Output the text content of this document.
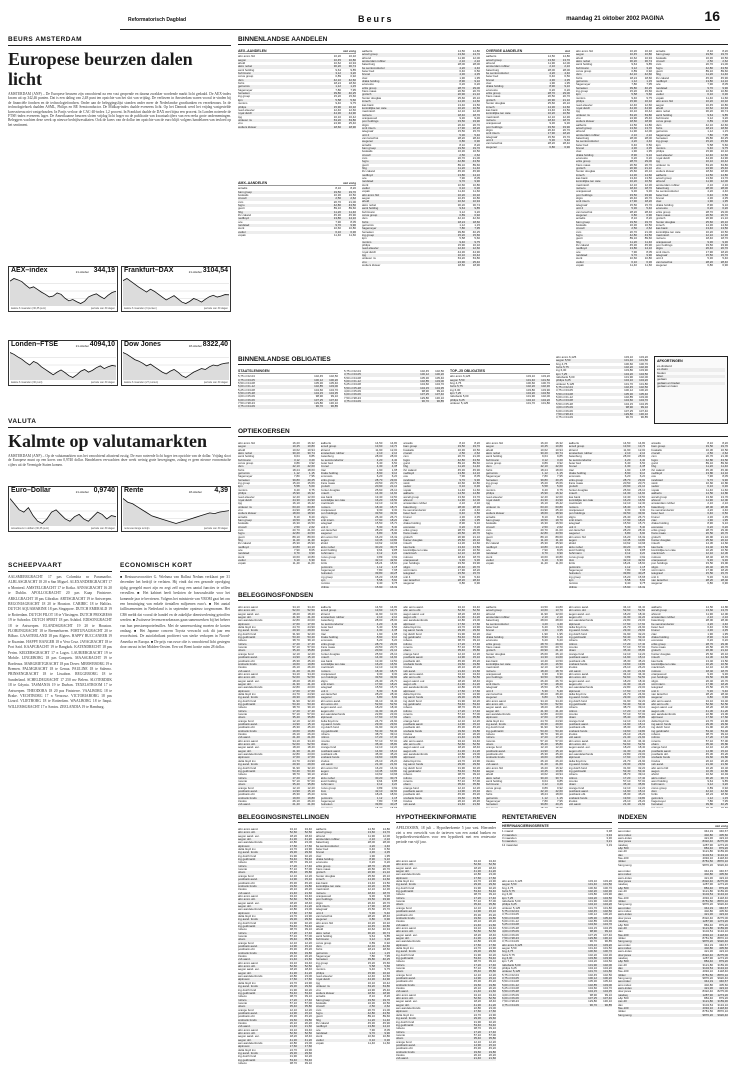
Reformatorisch Dagblad	Beurs	maandag 21 oktober 2002 PAGINA	16
BEURS AMSTERDAM
Europese beurzen dalen licht
AMSTERDAM (ANP) – De Europese beurzen zijn vanochtend na een vast geopende en daarna zwakker wordende markt licht gedaald. De AEX-index kwam uit op 342,46 punten. Dat is een daling van 2,48 punt ten opzichte van het slot van vrijdag. De verliezen in Amsterdam waren vooral te vinden bij de financiële fondsen en de technologiefondsen. Onder aan de beleggingslijst stonden onder meer de Nederlandse grootbanken en verzekeraars. In de technologiehoek daalden ASML, Philips en BE Semiconductor. De Midkap-index daalde eveneens licht. Op het Damrak werd het vrijdag vastgestelde koersniveau niet vastgehouden. In Parijs verloor de CAC-40-index 1,2 procent. In Frankfurt daalde de DAX met bijna een procent. In Londen noteerde de FTSE-index eveneens lager. De Amerikaanse beurzen sloten vrijdag licht hoger na de publicatie van kwartaalcijfers van een reeks grote ondernemingen. Beleggers wachten deze week op nieuwe bedrijfsresultaten. Ook de koers van de dollar ten opzichte van de euro blijft volgens handelaren van invloed op het sentiment.
AEX–index	21 oktober 344,19
laatste 6 maanden (30,35 punt)	periode van 30 dagen
Frankfurt–DAX	21 oktober 3104,54
laatste 6 maanden (3 punten)	periode van 30 dagen
Londen–FTSE	21 oktober 4094,10
laatste 6 maanden (30 punt)	periode van 30 dagen
Dow Jones	18 oktober 8322,40
laatste 6 maanden (27 punten)	periode van 30 dagen
VALUTA
Kalmte op valutamarkten
AMSTERDAM (ANP) – Op de valutamarkten was het vanochtend aftastend rustig. De euro noteerde licht hoger ten opzichte van de dollar. Vrijdag sloot de Europese munt op een koers van 0,9740 dollar. Handelaren verwachten deze week weinig grote bewegingen, zolang er geen nieuwe economische cijfers uit de Verenigde Staten komen.
Euro–Dollar	21 oktober 0,9740
wisselkoers in dollars (30,35 punt)	periode van 30 dagen
Rente	18 oktober 4,39
rentevoet lange termijn	periode van 30 dagen
SCHEEPVAART
AALSMEERGRACHT 17 pas Colombia nr Paramaribo. ALBLASGRACHT 18 20 n San Miguel. ALEXANDERGRACHT 17 n Montreal. AMSTELGRACHT 17 te Kotka. ANNAGRACHT 16 20 te Dublin. APOLLOGRACHT 20 pas Kaap Finisterre. ARKLGRACHT 18 pas Gibraltar. ARTISGRACHT 19 te Antwerpen. BEGONIAGRACHT 18 20 te Houston. CARIBIC 18 te Halifax. DUTCH AQUAMARINE 18 pas Singapore. DUTCH EMERALD 19 te Rotterdam. DUTCH PILOT 18 te Vlissingen. DUTCH PROGRESS 19 te Salvador. DUTCH SPIRIT 18 pas Ashdod. EDISONGRACHT 18 te Antwerpen. ELANDSGRACHT 19 20 te Houston. FLORIJNGRACHT 18 te Bremerhaven. FORTUNAGRACHT 20 te Bilbao. GAASTERLAND 18 pas Algiers. HAPPY BUCCANEER 19 te Kuantan. HAPPY RANGER 18 n Vera Cruz. JAVAGRACHT 18 te Port Said. KAAPGRACHT 19 te Bangkok. KATENDRECHT 18 pas Perim. KEIZERSGRACHT 17 n Lagos. LAURIERGRACHT 19 te Mobile. LINGEBORG 18 pas Casquets. MAASGRACHT 19 te Bordeaux. MARGRIETGRACHT 18 pas Dover. MERWEBORG 19 n Bremen. PALMGRACHT 18 te Genua. PAULINE 18 te Salerno. PRINSENGRACHT 18 te Lissabon. REGGEBORG 18 te Sunderland. SCHELDEGRACHT 17 250 nw Belem. SLOTERDIJK 18 te Gdynia. TASMANIA 19 te Durban. TEXELSTROOM 17 te Antwerpen. THEODORA 18 20 pas Finisterre. VAALBORG 18 te Brake. VECHTBORG 17 n Veracruz. VICTORIABORG 18 pas Lizard. VLIETBORG 18 te Rotterdam. WAALBORG 18 te Itaqui. WILLEMSGRACHT 17 n Santos. ZEELANDIA 19 te Hamburg.
ECONOMISCH KORT
■ Bestuursvoorzitter G. Wielsma van Ballast Nedam verklaart per 31 december het bedrijf te verlaten. Hij vindt dat een gezonde opvolging tijdig geregeld moet zijn en zegt zelf nog een aantal functies te willen vervullen. ■ Het kabinet heeft besloten de bouwsubsidie voor het komende jaar te bevriezen. Volgens het ministerie van VROM gaat het om een bezuiniging van enkele tientallen miljoenen euro's. ■ Het aantal faillissementen in Nederland is in september opnieuw toegenomen. Het CBS meldt dat vooral de handel en de zakelijke dienstverlening getroffen werden. ■ Zwitserse levensverzekeraars gaan samenwerken bij het beheer van hun pensioenportefeuilles. Met de samenwerking moeten de kosten omlaag. ■ Het Japanse concern Toyota verwacht ook dit jaar een recordwinst. De autofabrikant profiteert van sterke verkopen in Noord-Amerika en Europa. ■ De prijs van ruwe olie is vanochtend licht gestegen door onrust in het Midden-Oosten. Een vat Brent kostte ruim 28 dollar.
BINNENLANDSE AANDELEN
AEX–AANDELEN	slot vorig
abn amro hld	16,20	16,32
aegon	10,45	10,80
ahold	10,62	10,94
akzo nobel	30,20	30,74
asml holding	9,64	9,85
buhrmann	3,12	3,20
corus group	0,89	0,92
dsm	42,10	42,60
fortis	18,24	18,60
getronics	1,12	1,15
hagemeyer	7,80	7,95
heineken	39,80	40,25
ing groep	15,20	15,66
kpn	5,58	5,60
numico	9,40	9,75
philips	15,90	16,32
reed elsevier	12,40	12,60
royal dutch	44,30	44,90
tpg	16,10	16,42
unilever nv	63,20	63,80
vnu	24,90	25,40
wolters kluwer	18,60	18,90
AMX–AANDELEN	slot vorig
arcadis	8,10	8,20
bam groep	19,50	19,70
boskalis	16,30	16,50
crucell	2,50	2,62
csm	20,70	21,00
fugro	42,80	43,50
gucci	89,10	89,60
hbg	11,20	11,40
ihc caland	45,30	45,90
nedlloyd	13,80	14,10
oce	7,90	8,05
randstad	9,70	9,90
stork	10,60	10,80
vedior	6,10	6,30
vopak	11,40	11,60
aalberts	14,50	14,80
accell group	13,60	13,70
ahrend	11,90	12,00
amsterdam rubber	2,10	2,10
batenburg	28,00	28,00
be semiconductor	4,20	4,40
beter bed	6,40	6,50
brunel	4,30	4,35
ctac	1,90	1,95
draka holding	8,90	9,10
econosto	6,20	6,20
eriks group	28,70	29,00
frans maas	20,50	20,70
grolsch	20,90	21,10
hunter douglas	25,60	26,10
imtech	14,30	14,60
kas bank	13,40	13,50
koninklijke ten cate	16,20	16,50
macintosh	12,10	12,30
nutreco	18,40	18,70
oranjewoud	9,30	9,30
pon holdings	33,50	33,90
sligro	26,40	26,70
smit intern.	17,90	18,20
telegraaf	15,50	15,70
unit 4	5,30	5,40
van lanschot	28,20	28,40
wegener	6,80	6,90
arcadis	8,10	8,20
bam groep	19,50	19,70
boskalis	16,30	16,50
crucell	2,50	2,62
csm	20,70	21,00
fugro	42,80	43,50
gucci	89,10	89,60
hbg	11,20	11,40
ihc caland	45,30	45,90
nedlloyd	13,80	14,10
oce	7,90	8,05
randstad	9,70	9,90
stork	10,60	10,80
vedior	6,10	6,30
vopak	11,40	11,60
abn amro hld	16,20	16,32
aegon	10,45	10,80
ahold	10,62	10,94
akzo nobel	30,20	30,74
asml holding	9,64	9,85
buhrmann	3,12	3,20
corus group	0,89	0,92
dsm	42,10	42,60
fortis	18,24	18,60
getronics	1,12	1,15
hagemeyer	7,80	7,95
heineken	39,80	40,25
ing groep	15,20	15,66
kpn	5,58	5,60
numico	9,40	9,75
philips	15,90	16,32
reed elsevier	12,40	12,60
royal dutch	44,30	44,90
tpg	16,10	16,42
unilever nv	63,20	63,80
vnu	24,90	25,40
wolters kluwer	18,60	18,90
OVERIGE AANDELEN	slot
aalberts	14,50	14,80
accell group	13,60	13,70
ahrend	11,90	12,00
amsterdam rubber	2,10	2,10
batenburg	28,00	28,00
be semiconductor	4,20	4,40
beter bed	6,40	6,50
brunel	4,30	4,35
ctac	1,90	1,95
draka holding	8,90	9,10
econosto	6,20	6,20
eriks group	28,70	29,00
frans maas	20,50	20,70
grolsch	20,90	21,10
hunter douglas	25,60	26,10
imtech	14,30	14,60
kas bank	13,40	13,50
koninklijke ten cate	16,20	16,50
macintosh	12,10	12,30
nutreco	18,40	18,70
oranjewoud	9,30	9,30
pon holdings	33,50	33,90
sligro	26,40	26,70
smit intern.	17,90	18,20
telegraaf	15,50	15,70
unit 4	5,30	5,40
van lanschot	28,20	28,40
wegener	6,80	6,90
abn amro hld	16,20	16,32
aegon	10,45	10,80
ahold	10,62	10,94
akzo nobel	30,20	30,74
asml holding	9,64	9,85
buhrmann	3,12	3,20
corus group	0,89	0,92
dsm	42,10	42,60
fortis	18,24	18,60
getronics	1,12	1,15
hagemeyer	7,80	7,95
heineken	39,80	40,25
ing groep	15,20	15,66
kpn	5,58	5,60
numico	9,40	9,75
philips	15,90	16,32
reed elsevier	12,40	12,60
royal dutch	44,30	44,90
tpg	16,10	16,42
unilever nv	63,20	63,80
vnu	24,90	25,40
wolters kluwer	18,60	18,90
aalberts	14,50	14,80
accell group	13,60	13,70
ahrend	11,90	12,00
amsterdam rubber	2,10	2,10
batenburg	28,00	28,00
be semiconductor	4,20	4,40
beter bed	6,40	6,50
brunel	4,30	4,35
ctac	1,90	1,95
draka holding	8,90	9,10
econosto	6,20	6,20
eriks group	28,70	29,00
frans maas	20,50	20,70
grolsch	20,90	21,10
hunter douglas	25,60	26,10
imtech	14,30	14,60
kas bank	13,40	13,50
koninklijke ten cate	16,20	16,50
macintosh	12,10	12,30
nutreco	18,40	18,70
oranjewoud	9,30	9,30
pon holdings	33,50	33,90
sligro	26,40	26,70
smit intern.	17,90	18,20
telegraaf	15,50	15,70
unit 4	5,30	5,40
van lanschot	28,20	28,40
wegener	6,80	6,90
arcadis	8,10	8,20
bam groep	19,50	19,70
boskalis	16,30	16,50
crucell	2,50	2,62
csm	20,70	21,00
fugro	42,80	43,50
gucci	89,10	89,60
hbg	11,20	11,40
ihc caland	45,30	45,90
nedlloyd	13,80	14,10
oce	7,90	8,05
randstad	9,70	9,90
stork	10,60	10,80
vedior	6,10	6,30
vopak	11,40	11,60
arcadis	8,10	8,20
bam groep	19,50	19,70
boskalis	16,30	16,50
crucell	2,50	2,62
csm	20,70	21,00
fugro	42,80	43,50
gucci	89,10	89,60
hbg	11,20	11,40
ihc caland	45,30	45,90
nedlloyd	13,80	14,10
oce	7,90	8,05
randstad	9,70	9,90
stork	10,60	10,80
vedior	6,10	6,30
vopak	11,40	11,60
abn amro hld	16,20	16,32
aegon	10,45	10,80
ahold	10,62	10,94
akzo nobel	30,20	30,74
asml holding	9,64	9,85
buhrmann	3,12	3,20
corus group	0,89	0,92
dsm	42,10	42,60
fortis	18,24	18,60
getronics	1,12	1,15
hagemeyer	7,80	7,95
heineken	39,80	40,25
ing groep	15,20	15,66
kpn	5,58	5,60
numico	9,40	9,75
philips	15,90	16,32
reed elsevier	12,40	12,60
royal dutch	44,30	44,90
tpg	16,10	16,42
unilever nv	63,20	63,80
vnu	24,90	25,40
wolters kluwer	18,60	18,90
aalberts	14,50	14,80
accell group	13,60	13,70
ahrend	11,90	12,00
amsterdam rubber	2,10	2,10
batenburg	28,00	28,00
be semiconductor	4,20	4,40
beter bed	6,40	6,50
brunel	4,30	4,35
ctac	1,90	1,95
draka holding	8,90	9,10
econosto	6,20	6,20
eriks group	28,70	29,00
frans maas	20,50	20,70
grolsch	20,90	21,10
hunter douglas	25,60	26,10
imtech	14,30	14,60
kas bank	13,40	13,50
koninklijke ten cate	16,20	16,50
macintosh	12,10	12,30
nutreco	18,40	18,70
oranjewoud	9,30	9,30
pon holdings	33,50	33,90
sligro	26,40	26,70
smit intern.	17,90	18,20
telegraaf	15,50	15,70
unit 4	5,30	5,40
van lanschot	28,20	28,40
wegener	6,80	6,90
BINNENLANDSE OBLIGATIES
STAATSLENINGEN
5,75 nl 02-04	102,45	102,50
3,75 nl 03-05	100,12	100,20
5,50 nl 04-08	105,30	105,40
5,00 nl 01-12	102,85	103,00
5,25 nl 03-08	104,60	104,70
5,50 nl 05-28	104,15	104,35
4,00 nl 05-09	98,90	99,10
6,00 nl 06-06	107,25	107,40
7,50 nl 98-23	129,80	130,10
3,75 nl 04-09	96,70	96,85
5,75 nl 02-04	102,45	102,50
3,75 nl 03-05	100,12	100,20
5,50 nl 04-08	105,30	105,40
5,00 nl 01-12	102,85	103,00
5,25 nl 03-08	104,60	104,70
5,50 nl 05-28	104,15	104,35
4,00 nl 05-09	98,90	99,10
6,00 nl 06-06	107,25	107,40
7,50 nl 98-23	129,80	130,10
3,75 nl 04-09	96,70	96,85
TOP–25 OBLIGATIES
abn amro 6,125	103,10	103,20
aegon 5,50	101,40	101,50
bng 4,75	100,60	100,70
fortis 5,75	102,20	102,30
ing 6,00	103,80	103,90
kpn 7,25	104,20	104,50
rabobank 5,00	101,90	102,00
philips 6,25	104,10	104,20
unilever 5,125	101,70	101,80
abn amro 6,125	103,10	103,20
aegon 5,50	101,40	101,50
bng 4,75	100,60	100,70
fortis 5,75	102,20	102,30
ing 6,00	103,80	103,90
kpn 7,25	104,20	104,50
rabobank 5,00	101,90	102,00
philips 6,25	104,10	104,20
unilever 5,125	101,70	101,80
5,75 nl 02-04	102,45	102,50
3,75 nl 03-05	100,12	100,20
5,50 nl 04-08	105,30	105,40
5,00 nl 01-12	102,85	103,00
5,25 nl 03-08	104,60	104,70
5,50 nl 05-28	104,15	104,35
4,00 nl 05-09	98,90	99,10
6,00 nl 06-06	107,25	107,40
7,50 nl 98-23	129,80	130,10
3,75 nl 04-09	96,70	96,85
AFKORTINGEN
ex-dividend
ex-claim
bieden
laten
gedaan
gedaan en bieden
gedaan en laten
OPTIEKOERSEN
abn amro hld	16,20	16,32
aegon	10,45	10,80
ahold	10,62	10,94
akzo nobel	30,20	30,74
asml holding	9,64	9,85
buhrmann	3,12	3,20
corus group	0,89	0,92
dsm	42,10	42,60
fortis	18,24	18,60
getronics	1,12	1,15
hagemeyer	7,80	7,95
heineken	39,80	40,25
ing groep	15,20	15,66
kpn	5,58	5,60
numico	9,40	9,75
philips	15,90	16,32
reed elsevier	12,40	12,60
royal dutch	44,30	44,90
tpg	16,10	16,42
unilever nv	63,20	63,80
vnu	24,90	25,40
wolters kluwer	18,60	18,90
arcadis	8,10	8,20
bam groep	19,50	19,70
boskalis	16,30	16,50
crucell	2,50	2,62
csm	20,70	21,00
fugro	42,80	43,50
gucci	89,10	89,60
hbg	11,20	11,40
ihc caland	45,30	45,90
nedlloyd	13,80	14,10
oce	7,90	8,05
randstad	9,70	9,90
stork	10,60	10,80
vedior	6,10	6,30
vopak	11,40	11,60
aalberts	14,50	14,80
accell group	13,60	13,70
ahrend	11,90	12,00
amsterdam rubber	2,10	2,10
batenburg	28,00	28,00
be semiconductor	4,20	4,40
beter bed	6,40	6,50
brunel	4,30	4,35
ctac	1,90	1,95
draka holding	8,90	9,10
econosto	6,20	6,20
eriks group	28,70	29,00
frans maas	20,50	20,70
grolsch	20,90	21,10
hunter douglas	25,60	26,10
imtech	14,30	14,60
kas bank	13,40	13,50
koninklijke ten cate	16,20	16,50
macintosh	12,10	12,30
nutreco	18,40	18,70
oranjewoud	9,30	9,30
pon holdings	33,50	33,90
sligro	26,40	26,70
smit intern.	17,90	18,20
telegraaf	15,50	15,70
unit 4	5,30	5,40
van lanschot	28,20	28,40
wegener	6,80	6,90
abn amro hld	16,20	16,32
aegon	10,45	10,80
ahold	10,62	10,94
akzo nobel	30,20	30,74
asml holding	9,64	9,85
buhrmann	3,12	3,20
corus group	0,89	0,92
dsm	42,10	42,60
fortis	18,24	18,60
getronics	1,12	1,15
hagemeyer	7,80	7,95
heineken	39,80	40,25
ing groep	15,20	15,66
kpn	5,58	5,60
numico	9,40	9,75
philips	15,90	16,32
arcadis	8,10	8,20
bam groep	19,50	19,70
boskalis	16,30	16,50
crucell	2,50	2,62
csm	20,70	21,00
fugro	42,80	43,50
gucci	89,10	89,60
hbg	11,20	11,40
ihc caland	45,30	45,90
nedlloyd	13,80	14,10
oce	7,90	8,05
randstad	9,70	9,90
stork	10,60	10,80
vedior	6,10	6,30
vopak	11,40	11,60
aalberts	14,50	14,80
accell group	13,60	13,70
ahrend	11,90	12,00
amsterdam rubber	2,10	2,10
batenburg	28,00	28,00
be semiconductor	4,20	4,40
beter bed	6,40	6,50
brunel	4,30	4,35
ctac	1,90	1,95
draka holding	8,90	9,10
econosto	6,20	6,20
eriks group	28,70	29,00
frans maas	20,50	20,70
grolsch	20,90	21,10
hunter douglas	25,60	26,10
imtech	14,30	14,60
kas bank	13,40	13,50
koninklijke ten cate	16,20	16,50
macintosh	12,10	12,30
nutreco	18,40	18,70
oranjewoud	9,30	9,30
pon holdings	33,50	33,90
sligro	26,40	26,70
smit intern.	17,90	18,20
telegraaf	15,50	15,70
unit 4	5,30	5,40
van lanschot	28,20	28,40
wegener	6,80	6,90
abn amro hld	16,20	16,32
aegon	10,45	10,80
ahold	10,62	10,94
akzo nobel	30,20	30,74
asml holding	9,64	9,85
buhrmann	3,12	3,20
corus group	0,89	0,92
dsm	42,10	42,60
fortis	18,24	18,60
getronics	1,12	1,15
hagemeyer	7,80	7,95
heineken	39,80	40,25
ing groep	15,20	15,66
kpn	5,58	5,60
numico	9,40	9,75
philips	15,90	16,32
reed elsevier	12,40	12,60
royal dutch	44,30	44,90
tpg	16,10	16,42
unilever nv	63,20	63,80
vnu	24,90	25,40
wolters kluwer	18,60	18,90
arcadis	8,10	8,20
bam groep	19,50	19,70
boskalis	16,30	16,50
crucell	2,50	2,62
csm	20,70	21,00
fugro	42,80	43,50
gucci	89,10	89,60
hbg	11,20	11,40
ihc caland	45,30	45,90
nedlloyd	13,80	14,10
oce	7,90	8,05
randstad	9,70	9,90
stork	10,60	10,80
vedior	6,10	6,30
vopak	11,40	11,60
aalberts	14,50	14,80
accell group	13,60	13,70
ahrend	11,90	12,00
amsterdam rubber	2,10	2,10
batenburg	28,00	28,00
be semiconductor	4,20	4,40
beter bed	6,40	6,50
brunel	4,30	4,35
ctac	1,90	1,95
draka holding	8,90	9,10
econosto	6,20	6,20
eriks group	28,70	29,00
frans maas	20,50	20,70
grolsch	20,90	21,10
hunter douglas	25,60	26,10
imtech	14,30	14,60
kas bank	13,40	13,50
koninklijke ten cate	16,20	16,50
macintosh	12,10	12,30
nutreco	18,40	18,70
oranjewoud	9,30	9,30
pon holdings	33,50	33,90
sligro	26,40	26,70
smit intern.	17,90	18,20
telegraaf	15,50	15,70
unit 4	5,30	5,40
van lanschot	28,20	28,40
wegener	6,80	6,90
abn amro hld	16,20	16,32
aegon	10,45	10,80
ahold	10,62	10,94
akzo nobel	30,20	30,74
asml holding	9,64	9,85
buhrmann	3,12	3,20
corus group	0,89	0,92
dsm	42,10	42,60
fortis	18,24	18,60
getronics	1,12	1,15
hagemeyer	7,80	7,95
heineken	39,80	40,25
ing groep	15,20	15,66
kpn	5,58	5,60
numico	9,40	9,75
philips	15,90	16,32
arcadis	8,10	8,20
bam groep	19,50	19,70
boskalis	16,30	16,50
crucell	2,50	2,62
csm	20,70	21,00
fugro	42,80	43,50
gucci	89,10	89,60
hbg	11,20	11,40
ihc caland	45,30	45,90
nedlloyd	13,80	14,10
oce	7,90	8,05
randstad	9,70	9,90
stork	10,60	10,80
vedior	6,10	6,30
vopak	11,40	11,60
aalberts	14,50	14,80
accell group	13,60	13,70
ahrend	11,90	12,00
amsterdam rubber	2,10	2,10
batenburg	28,00	28,00
be semiconductor	4,20	4,40
beter bed	6,40	6,50
brunel	4,30	4,35
ctac	1,90	1,95
draka holding	8,90	9,10
econosto	6,20	6,20
eriks group	28,70	29,00
frans maas	20,50	20,70
grolsch	20,90	21,10
hunter douglas	25,60	26,10
imtech	14,30	14,60
kas bank	13,40	13,50
koninklijke ten cate	16,20	16,50
macintosh	12,10	12,30
nutreco	18,40	18,70
oranjewoud	9,30	9,30
pon holdings	33,50	33,90
sligro	26,40	26,70
smit intern.	17,90	18,20
telegraaf	15,50	15,70
unit 4	5,30	5,40
van lanschot	28,20	28,40
wegener	6,80	6,90
BELEGGINGSFONDSEN
abn amro aand.	34,10	34,40
abn amro obl.	52,60	52,50
aegon aand. eur.	18,20	18,40
aegon obl.	41,30	41,20
asn aandelenfonds	22,80	23,00
alpinvest	17,60	17,60
delta lloyd inv.	24,70	24,90
ing aand. fonds	29,30	29,60
ing dutch fund	31,90	32,20
ing geldmarkt	53,40	53,40
robeco	38,70	39,10
rolinco	17,20	17,40
rorento	57,10	57,00
obam	35,40	35,80
orange fund	12,10	12,20
postbank aand.	14,90	15,10
postbank obl.	45,30	45,20
snsbank fonds	19,60	19,80
triodos	26,10	26,20
vsb aand.	21,40	21,60
abn amro aand.	34,10	34,40
abn amro obl.	52,60	52,50
aegon aand. eur.	18,20	18,40
aegon obl.	41,30	41,20
asn aandelenfonds	22,80	23,00
alpinvest	17,60	17,60
delta lloyd inv.	24,70	24,90
ing aand. fonds	29,30	29,60
ing dutch fund	31,90	32,20
ing geldmarkt	53,40	53,40
robeco	38,70	39,10
rolinco	17,20	17,40
rorento	57,10	57,00
obam	35,40	35,80
orange fund	12,10	12,20
postbank aand.	14,90	15,10
postbank obl.	45,30	45,20
snsbank fonds	19,60	19,80
triodos	26,10	26,20
vsb aand.	21,40	21,60
abn amro aand.	34,10	34,40
abn amro obl.	52,60	52,50
aegon aand. eur.	18,20	18,40
aegon obl.	41,30	41,20
asn aandelenfonds	22,80	23,00
alpinvest	17,60	17,60
delta lloyd inv.	24,70	24,90
ing aand. fonds	29,30	29,60
ing dutch fund	31,90	32,20
ing geldmarkt	53,40	53,40
robeco	38,70	39,10
rolinco	17,20	17,40
rorento	57,10	57,00
obam	35,40	35,80
orange fund	12,10	12,20
postbank aand.	14,90	15,10
postbank obl.	45,30	45,20
snsbank fonds	19,60	19,80
triodos	26,10	26,20
vsb aand.	21,40	21,60
aalberts	14,50	14,80
accell group	13,60	13,70
ahrend	11,90	12,00
amsterdam rubber	2,10	2,10
batenburg	28,00	28,00
be semiconductor	4,20	4,40
beter bed	6,40	6,50
brunel	4,30	4,35
ctac	1,90	1,95
draka holding	8,90	9,10
econosto	6,20	6,20
eriks group	28,70	29,00
frans maas	20,50	20,70
grolsch	20,90	21,10
hunter douglas	25,60	26,10
imtech	14,30	14,60
kas bank	13,40	13,50
koninklijke ten cate	16,20	16,50
macintosh	12,10	12,30
nutreco	18,40	18,70
oranjewoud	9,30	9,30
pon holdings	33,50	33,90
sligro	26,40	26,70
smit intern.	17,90	18,20
telegraaf	15,50	15,70
unit 4	5,30	5,40
van lanschot	28,20	28,40
wegener	6,80	6,90
abn amro aand.	34,10	34,40
abn amro obl.	52,60	52,50
aegon aand. eur.	18,20	18,40
aegon obl.	41,30	41,20
asn aandelenfonds	22,80	23,00
alpinvest	17,60	17,60
delta lloyd inv.	24,70	24,90
ing aand. fonds	29,30	29,60
ing dutch fund	31,90	32,20
ing geldmarkt	53,40	53,40
robeco	38,70	39,10
rolinco	17,20	17,40
rorento	57,10	57,00
obam	35,40	35,80
orange fund	12,10	12,20
postbank aand.	14,90	15,10
postbank obl.	45,30	45,20
snsbank fonds	19,60	19,80
triodos	26,10	26,20
vsb aand.	21,40	21,60
abn amro hld	16,20	16,32
aegon	10,45	10,80
ahold	10,62	10,94
akzo nobel	30,20	30,74
asml holding	9,64	9,85
buhrmann	3,12	3,20
corus group	0,89	0,92
dsm	42,10	42,60
fortis	18,24	18,60
getronics	1,12	1,15
hagemeyer	7,80	7,95
heineken	39,80	40,25
abn amro aand.	34,10	34,40
abn amro obl.	52,60	52,50
aegon aand. eur.	18,20	18,40
aegon obl.	41,30	41,20
asn aandelenfonds	22,80	23,00
alpinvest	17,60	17,60
delta lloyd inv.	24,70	24,90
ing aand. fonds	29,30	29,60
ing dutch fund	31,90	32,20
ing geldmarkt	53,40	53,40
robeco	38,70	39,10
rolinco	17,20	17,40
rorento	57,10	57,00
obam	35,40	35,80
orange fund	12,10	12,20
postbank aand.	14,90	15,10
postbank obl.	45,30	45,20
snsbank fonds	19,60	19,80
triodos	26,10	26,20
vsb aand.	21,40	21,60
abn amro aand.	34,10	34,40
abn amro obl.	52,60	52,50
aegon aand. eur.	18,20	18,40
aegon obl.	41,30	41,20
asn aandelenfonds	22,80	23,00
alpinvest	17,60	17,60
delta lloyd inv.	24,70	24,90
ing aand. fonds	29,30	29,60
ing dutch fund	31,90	32,20
ing geldmarkt	53,40	53,40
robeco	38,70	39,10
rolinco	17,20	17,40
rorento	57,10	57,00
obam	35,40	35,80
orange fund	12,10	12,20
postbank aand.	14,90	15,10
postbank obl.	45,30	45,20
snsbank fonds	19,60	19,80
triodos	26,10	26,20
vsb aand.	21,40	21,60
abn amro aand.	34,10	34,40
abn amro obl.	52,60	52,50
aegon aand. eur.	18,20	18,40
aegon obl.	41,30	41,20
asn aandelenfonds	22,80	23,00
alpinvest	17,60	17,60
delta lloyd inv.	24,70	24,90
ing aand. fonds	29,30	29,60
ing dutch fund	31,90	32,20
ing geldmarkt	53,40	53,40
robeco	38,70	39,10
rolinco	17,20	17,40
rorento	57,10	57,00
obam	35,40	35,80
orange fund	12,10	12,20
postbank aand.	14,90	15,10
postbank obl.	45,30	45,20
snsbank fonds	19,60	19,80
triodos	26,10	26,20
vsb aand.	21,40	21,60
aalberts	14,50	14,80
accell group	13,60	13,70
ahrend	11,90	12,00
amsterdam rubber	2,10	2,10
batenburg	28,00	28,00
be semiconductor	4,20	4,40
beter bed	6,40	6,50
brunel	4,30	4,35
ctac	1,90	1,95
draka holding	8,90	9,10
econosto	6,20	6,20
eriks group	28,70	29,00
frans maas	20,50	20,70
grolsch	20,90	21,10
hunter douglas	25,60	26,10
imtech	14,30	14,60
kas bank	13,40	13,50
koninklijke ten cate	16,20	16,50
macintosh	12,10	12,30
nutreco	18,40	18,70
oranjewoud	9,30	9,30
pon holdings	33,50	33,90
sligro	26,40	26,70
smit intern.	17,90	18,20
telegraaf	15,50	15,70
unit 4	5,30	5,40
van lanschot	28,20	28,40
wegener	6,80	6,90
abn amro aand.	34,10	34,40
abn amro obl.	52,60	52,50
aegon aand. eur.	18,20	18,40
aegon obl.	41,30	41,20
asn aandelenfonds	22,80	23,00
alpinvest	17,60	17,60
delta lloyd inv.	24,70	24,90
ing aand. fonds	29,30	29,60
ing dutch fund	31,90	32,20
ing geldmarkt	53,40	53,40
robeco	38,70	39,10
rolinco	17,20	17,40
rorento	57,10	57,00
obam	35,40	35,80
orange fund	12,10	12,20
postbank aand.	14,90	15,10
postbank obl.	45,30	45,20
snsbank fonds	19,60	19,80
triodos	26,10	26,20
vsb aand.	21,40	21,60
abn amro hld	16,20	16,32
aegon	10,45	10,80
ahold	10,62	10,94
akzo nobel	30,20	30,74
asml holding	9,64	9,85
buhrmann	3,12	3,20
corus group	0,89	0,92
dsm	42,10	42,60
fortis	18,24	18,60
getronics	1,12	1,15
hagemeyer	7,80	7,95
heineken	39,80	40,25
abn amro aand.	34,10	34,40
abn amro obl.	52,60	52,50
aegon aand. eur.	18,20	18,40
aegon obl.	41,30	41,20
asn aandelenfonds	22,80	23,00
alpinvest	17,60	17,60
delta lloyd inv.	24,70	24,90
ing aand. fonds	29,30	29,60
ing dutch fund	31,90	32,20
ing geldmarkt	53,40	53,40
robeco	38,70	39,10
rolinco	17,20	17,40
rorento	57,10	57,00
obam	35,40	35,80
orange fund	12,10	12,20
postbank aand.	14,90	15,10
postbank obl.	45,30	45,20
snsbank fonds	19,60	19,80
triodos	26,10	26,20
vsb aand.	21,40	21,60
abn amro aand.	34,10	34,40
abn amro obl.	52,60	52,50
aegon aand. eur.	18,20	18,40
aegon obl.	41,30	41,20
asn aandelenfonds	22,80	23,00
alpinvest	17,60	17,60
delta lloyd inv.	24,70	24,90
ing aand. fonds	29,30	29,60
ing dutch fund	31,90	32,20
ing geldmarkt	53,40	53,40
robeco	38,70	39,10
rolinco	17,20	17,40
rorento	57,10	57,00
obam	35,40	35,80
orange fund	12,10	12,20
postbank aand.	14,90	15,10
postbank obl.	45,30	45,20
snsbank fonds	19,60	19,80
triodos	26,10	26,20
vsb aand.	21,40	21,60
abn amro aand.	34,10	34,40
abn amro obl.	52,60	52,50
aegon aand. eur.	18,20	18,40
aegon obl.	41,30	41,20
asn aandelenfonds	22,80	23,00
alpinvest	17,60	17,60
delta lloyd inv.	24,70	24,90
ing aand. fonds	29,30	29,60
ing dutch fund	31,90	32,20
ing geldmarkt	53,40	53,40
robeco	38,70	39,10
rolinco	17,20	17,40
rorento	57,10	57,00
obam	35,40	35,80
orange fund	12,10	12,20
postbank aand.	14,90	15,10
postbank obl.	45,30	45,20
snsbank fonds	19,60	19,80
triodos	26,10	26,20
vsb aand.	21,40	21,60
aalberts	14,50	14,80
accell group	13,60	13,70
ahrend	11,90	12,00
amsterdam rubber	2,10	2,10
batenburg	28,00	28,00
be semiconductor	4,20	4,40
beter bed	6,40	6,50
brunel	4,30	4,35
ctac	1,90	1,95
draka holding	8,90	9,10
econosto	6,20	6,20
eriks group	28,70	29,00
frans maas	20,50	20,70
grolsch	20,90	21,10
hunter douglas	25,60	26,10
imtech	14,30	14,60
kas bank	13,40	13,50
koninklijke ten cate	16,20	16,50
macintosh	12,10	12,30
nutreco	18,40	18,70
oranjewoud	9,30	9,30
pon holdings	33,50	33,90
sligro	26,40	26,70
smit intern.	17,90	18,20
telegraaf	15,50	15,70
unit 4	5,30	5,40
van lanschot	28,20	28,40
wegener	6,80	6,90
abn amro aand.	34,10	34,40
abn amro obl.	52,60	52,50
aegon aand. eur.	18,20	18,40
aegon obl.	41,30	41,20
asn aandelenfonds	22,80	23,00
alpinvest	17,60	17,60
delta lloyd inv.	24,70	24,90
ing aand. fonds	29,30	29,60
ing dutch fund	31,90	32,20
ing geldmarkt	53,40	53,40
robeco	38,70	39,10
rolinco	17,20	17,40
rorento	57,10	57,00
obam	35,40	35,80
orange fund	12,10	12,20
postbank aand.	14,90	15,10
postbank obl.	45,30	45,20
snsbank fonds	19,60	19,80
triodos	26,10	26,20
vsb aand.	21,40	21,60
abn amro hld	16,20	16,32
aegon	10,45	10,80
ahold	10,62	10,94
akzo nobel	30,20	30,74
asml holding	9,64	9,85
buhrmann	3,12	3,20
corus group	0,89	0,92
dsm	42,10	42,60
fortis	18,24	18,60
getronics	1,12	1,15
hagemeyer	7,80	7,95
heineken	39,80	40,25
BELEGGINGSINSTELLINGEN
abn amro aand.	34,10	34,40
abn amro obl.	52,60	52,50
aegon aand. eur.	18,20	18,40
aegon obl.	41,30	41,20
asn aandelenfonds	22,80	23,00
alpinvest	17,60	17,60
delta lloyd inv.	24,70	24,90
ing aand. fonds	29,30	29,60
ing dutch fund	31,90	32,20
ing geldmarkt	53,40	53,40
robeco	38,70	39,10
rolinco	17,20	17,40
rorento	57,10	57,00
obam	35,40	35,80
orange fund	12,10	12,20
postbank aand.	14,90	15,10
postbank obl.	45,30	45,20
snsbank fonds	19,60	19,80
triodos	26,10	26,20
vsb aand.	21,40	21,60
abn amro aand.	34,10	34,40
abn amro obl.	52,60	52,50
aegon aand. eur.	18,20	18,40
aegon obl.	41,30	41,20
asn aandelenfonds	22,80	23,00
alpinvest	17,60	17,60
delta lloyd inv.	24,70	24,90
ing aand. fonds	29,30	29,60
ing dutch fund	31,90	32,20
ing geldmarkt	53,40	53,40
robeco	38,70	39,10
rolinco	17,20	17,40
rorento	57,10	57,00
obam	35,40	35,80
orange fund	12,10	12,20
postbank aand.	14,90	15,10
postbank obl.	45,30	45,20
snsbank fonds	19,60	19,80
triodos	26,10	26,20
vsb aand.	21,40	21,60
abn amro aand.	34,10	34,40
abn amro obl.	52,60	52,50
aegon aand. eur.	18,20	18,40
aegon obl.	41,30	41,20
asn aandelenfonds	22,80	23,00
alpinvest	17,60	17,60
delta lloyd inv.	24,70	24,90
ing aand. fonds	29,30	29,60
ing dutch fund	31,90	32,20
ing geldmarkt	53,40	53,40
robeco	38,70	39,10
rolinco	17,20	17,40
rorento	57,10	57,00
obam	35,40	35,80
orange fund	12,10	12,20
postbank aand.	14,90	15,10
postbank obl.	45,30	45,20
snsbank fonds	19,60	19,80
triodos	26,10	26,20
vsb aand.	21,40	21,60
abn amro aand.	34,10	34,40
abn amro obl.	52,60	52,50
aegon aand. eur.	18,20	18,40
aegon obl.	41,30	41,20
asn aandelenfonds	22,80	23,00
alpinvest	17,60	17,60
delta lloyd inv.	24,70	24,90
ing aand. fonds	29,30	29,60
ing dutch fund	31,90	32,20
ing geldmarkt	53,40	53,40
aalberts	14,50	14,80
accell group	13,60	13,70
ahrend	11,90	12,00
amsterdam rubber	2,10	2,10
batenburg	28,00	28,00
be semiconductor	4,20	4,40
beter bed	6,40	6,50
brunel	4,30	4,35
ctac	1,90	1,95
draka holding	8,90	9,10
econosto	6,20	6,20
eriks group	28,70	29,00
frans maas	20,50	20,70
grolsch	20,90	21,10
hunter douglas	25,60	26,10
imtech	14,30	14,60
kas bank	13,40	13,50
koninklijke ten cate	16,20	16,50
macintosh	12,10	12,30
nutreco	18,40	18,70
oranjewoud	9,30	9,30
pon holdings	33,50	33,90
sligro	26,40	26,70
smit intern.	17,90	18,20
telegraaf	15,50	15,70
unit 4	5,30	5,40
van lanschot	28,20	28,40
wegener	6,80	6,90
abn amro hld	16,20	16,32
aegon	10,45	10,80
ahold	10,62	10,94
akzo nobel	30,20	30,74
asml holding	9,64	9,85
buhrmann	3,12	3,20
corus group	0,89	0,92
dsm	42,10	42,60
fortis	18,24	18,60
getronics	1,12	1,15
hagemeyer	7,80	7,95
heineken	39,80	40,25
ing groep	15,20	15,66
kpn	5,58	5,60
numico	9,40	9,75
philips	15,90	16,32
reed elsevier	12,40	12,60
royal dutch	44,30	44,90
tpg	16,10	16,42
unilever nv	63,20	63,80
vnu	24,90	25,40
wolters kluwer	18,60	18,90
arcadis	8,10	8,20
bam groep	19,50	19,70
boskalis	16,30	16,50
crucell	2,50	2,62
csm	20,70	21,00
fugro	42,80	43,50
gucci	89,10	89,60
hbg	11,20	11,40
ihc caland	45,30	45,90
nedlloyd	13,80	14,10
oce	7,90	8,05
randstad	9,70	9,90
stork	10,60	10,80
vedior	6,10	6,30
vopak	11,40	11,60
HYPOTHEEKINFORMATIE
APELDOORN, 18 juli – Hypotheekrente 5 jaar vast. Hieronder ziet u een overzicht van de tarieven van een aantal banken en hypotheekverstrekkers voor een hypotheek met een rentevaste periode van vijf jaar.
abn amro aand.	34,10	34,40
abn amro obl.	52,60	52,50
aegon aand. eur.	18,20	18,40
aegon obl.	41,30	41,20
asn aandelenfonds	22,80	23,00
alpinvest	17,60	17,60
delta lloyd inv.	24,70	24,90
ing aand. fonds	29,30	29,60
ing dutch fund	31,90	32,20
ing geldmarkt	53,40	53,40
robeco	38,70	39,10
rolinco	17,20	17,40
rorento	57,10	57,00
obam	35,40	35,80
orange fund	12,10	12,20
postbank aand.	14,90	15,10
postbank obl.	45,30	45,20
snsbank fonds	19,60	19,80
triodos	26,10	26,20
vsb aand.	21,40	21,60
abn amro aand.	34,10	34,40
abn amro obl.	52,60	52,50
aegon aand. eur.	18,20	18,40
aegon obl.	41,30	41,20
asn aandelenfonds	22,80	23,00
alpinvest	17,60	17,60
delta lloyd inv.	24,70	24,90
ing aand. fonds	29,30	29,60
ing dutch fund	31,90	32,20
ing geldmarkt	53,40	53,40
robeco	38,70	39,10
rolinco	17,20	17,40
rorento	57,10	57,00
obam	35,40	35,80
orange fund	12,10	12,20
postbank aand.	14,90	15,10
postbank obl.	45,30	45,20
snsbank fonds	19,60	19,80
triodos	26,10	26,20
vsb aand.	21,40	21,60
abn amro aand.	34,10	34,40
abn amro obl.	52,60	52,50
aegon aand. eur.	18,20	18,40
aegon obl.	41,30	41,20
asn aandelenfonds	22,80	23,00
alpinvest	17,60	17,60
delta lloyd inv.	24,70	24,90
ing aand. fonds	29,30	29,60
ing dutch fund	31,90	32,20
ing geldmarkt	53,40	53,40
robeco	38,70	39,10
rolinco	17,20	17,40
rorento	57,10	57,00
obam	35,40	35,80
orange fund	12,10	12,20
postbank aand.	14,90	15,10
postbank obl.	45,30	45,20
snsbank fonds	19,60	19,80
triodos	26,10	26,20
vsb aand.	21,40	21,60
RENTETARIEVEN
HERFINANCIERINGSRENTE
1 maand	3,38
2 maanden	3,34
3 maanden	3,30
6 maanden	3,21
12 maanden	3,19
abn amro 6,125	103,10	103,20
aegon 5,50	101,40	101,50
bng 4,75	100,60	100,70
fortis 5,75	102,20	102,30
ing 6,00	103,80	103,90
kpn 7,25	104,20	104,50
rabobank 5,00	101,90	102,00
philips 6,25	104,10	104,20
unilever 5,125	101,70	101,80
5,75 nl 02-04	102,45	102,50
3,75 nl 03-05	100,12	100,20
5,50 nl 04-08	105,30	105,40
5,00 nl 01-12	102,85	103,00
5,25 nl 03-08	104,60	104,70
5,50 nl 05-28	104,15	104,35
4,00 nl 05-09	98,90	99,10
6,00 nl 06-06	107,25	107,40
7,50 nl 98-23	129,80	130,10
3,75 nl 04-09	96,70	96,85
abn amro 6,125	103,10	103,20
aegon 5,50	101,40	101,50
bng 4,75	100,60	100,70
fortis 5,75	102,20	102,30
ing 6,00	103,80	103,90
kpn 7,25	104,20	104,50
rabobank 5,00	101,90	102,00
philips 6,25	104,10	104,20
unilever 5,125	101,70	101,80
5,75 nl 02-04	102,45	102,50
3,75 nl 03-05	100,12	100,20
5,50 nl 04-08	105,30	105,40
5,00 nl 01-12	102,85	103,00
5,25 nl 03-08	104,60	104,70
5,50 nl 05-28	104,15	104,35
4,00 nl 05-09	98,90	99,10
6,00 nl 06-06	107,25	107,40
7,50 nl 98-23	129,80	130,10
3,75 nl 04-09	96,70	96,85
INDEXEN

slot vorig
aex-index	344,19	346,67
amx-index	402,80	405,60
ascx-index	421,30	423,10
dow jones	8322,40	8275,00
nasdaq	1287,90	1273,20
s&p 500	884,40	879,20
cac-40	3121,80	3159,30
dax	3104,54	3134,10
ftse-100	4094,10	4118,40
nikkei	8781,50	8870,10
hang seng	9876,20	9920,40
aex-index	344,19	346,67
amx-index	402,80	405,60
ascx-index	421,30	423,10
dow jones	8322,40	8275,00
nasdaq	1287,90	1273,20
s&p 500	884,40	879,20
cac-40	3121,80	3159,30
dax	3104,54	3134,10
ftse-100	4094,10	4118,40
nikkei	8781,50	8870,10
hang seng	9876,20	9920,40
aex-index	344,19	346,67
amx-index	402,80	405,60
ascx-index	421,30	423,10
dow jones	8322,40	8275,00
nasdaq	1287,90	1273,20
s&p 500	884,40	879,20
cac-40	3121,80	3159,30
dax	3104,54	3134,10
ftse-100	4094,10	4118,40
nikkei	8781,50	8870,10
hang seng	9876,20	9920,40
aex-index	344,19	346,67
amx-index	402,80	405,60
ascx-index	421,30	423,10
dow jones	8322,40	8275,00
nasdaq	1287,90	1273,20
s&p 500	884,40	879,20
cac-40	3121,80	3159,30
dax	3104,54	3134,10
ftse-100	4094,10	4118,40
nikkei	8781,50	8870,10
hang seng	9876,20	9920,40
aex-index	344,19	346,67
amx-index	402,80	405,60
ascx-index	421,30	423,10
dow jones	8322,40	8275,00
nasdaq	1287,90	1273,20
s&p 500	884,40	879,20
cac-40	3121,80	3159,30
dax	3104,54	3134,10
ftse-100	4094,10	4118,40
nikkei	8781,50	8870,10
hang seng	9876,20	9920,40
